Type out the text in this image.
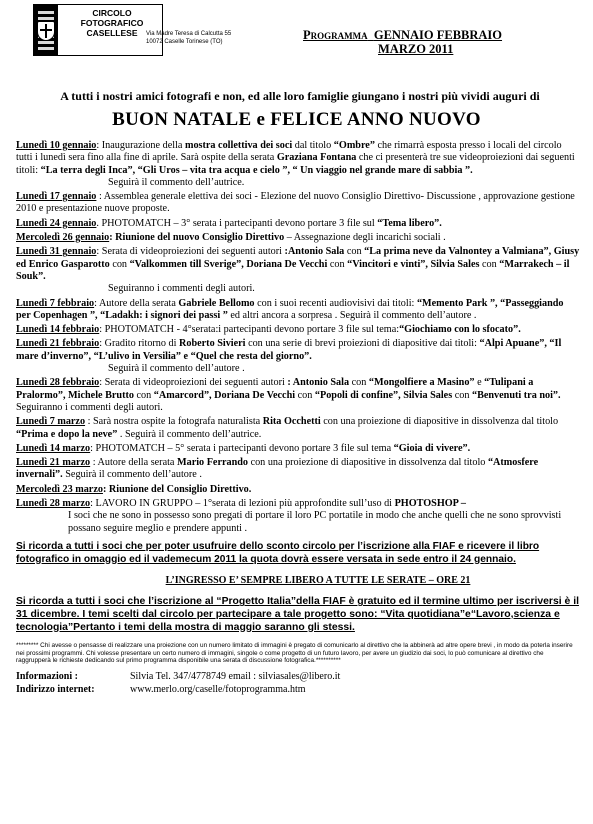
CIRCOLO
FOTOGRAFICO
CASELLESE	Via Madre Teresa di Calcutta 55
10072 Caselle Torinese (TO)	Programma GENNAIO FEBBRAIO
MARZO 2011
A tutti i nostri amici fotografi e non, ed alle loro famiglie giungano i nostri più vividi auguri di
BUON NATALE e FELICE ANNO NUOVO
Lunedì 10 gennaio: Inaugurazione della mostra collettiva dei soci dal titolo “Ombre” che rimarrà esposta presso i locali del circolo tutti i lunedì sera fino alla fine di aprile. Sarà ospite della serata Graziana Fontana che ci presenterà tre sue videoproiezioni dai seguenti titoli: “La terra degli Inca”, “Gli Uros – vita tra acqua e cielo ”, “ Un viaggio nel grande mare di sabbia ”.
Seguirà il commento dell’autrice.
Lunedì 17 gennaio : Assemblea generale elettiva dei soci - Elezione del nuovo Consiglio Direttivo- Discussione , approvazione gestione 2010 e presentazione nuove proposte.
Lunedì 24 gennaio. PHOTOMATCH – 3° serata i partecipanti devono portare 3 file sul “Tema libero”.
Mercoledì 26 gennaio: Riunione del nuovo Consiglio Direttivo – Assegnazione degli incarichi sociali .
Lunedì 31 gennaio: Serata di videoproiezioni dei seguenti autori :Antonio Sala con “La prima neve da Valnontey a Valmiana”, Giusy ed Enrico Gasparotto con “Valkommen till Sverige”, Doriana De Vecchi con “Vincitori e vinti”, Silvia Sales con “Marrakech – il Souk”.
Seguiranno i commenti degli autori.
Lunedì 7 febbraio: Autore della serata Gabriele Bellomo con i suoi recenti audiovisivi dai titoli: “Memento Park ”, “Passeggiando per Copenhagen ”, “Ladakh: i signori dei passi ” ed altri ancora a sorpresa . Seguirà il commento dell’autore .
Lunedì 14 febbraio: PHOTOMATCH - 4°serata:i partecipanti devono portare 3 file sul tema:“Giochiamo con lo sfocato”.
Lunedì 21 febbraio: Gradito ritorno di Roberto Sivieri con una serie di brevi proiezioni di diapositive dai titoli: “Alpi Apuane”, “Il mare d’inverno”, “L’ulivo in Versilia” e “Quel che resta del giorno”.
Seguirà il commento dell’autore .
Lunedì 28 febbraio: Serata di videoproiezioni dei seguenti autori : Antonio Sala con “Mongolfiere a Masino” e “Tulipani a Pralormo”, Michele Brutto con “Amarcord”, Doriana De Vecchi con “Popoli di confine”, Silvia Sales con “Benvenuti tra noi”. Seguiranno i commenti degli autori.
Lunedì 7 marzo : Sarà nostra ospite la fotografa naturalista Rita Occhetti con una proiezione di diapositive in dissolvenza dal titolo “Prima e dopo la neve” . Seguirà il commento dell’autrice.
Lunedì 14 marzo: PHOTOMATCH – 5° serata i partecipanti devono portare 3 file sul tema “Gioia di vivere”.
Lunedì 21 marzo : Autore della serata Mario Ferrando con una proiezione di diapositive in dissolvenza dal titolo “Atmosfere invernali”. Seguirà il commento dell’autore .
Mercoledì 23 marzo: Riunione del Consiglio Direttivo.
Lunedì 28 marzo: LAVORO IN GRUPPO – 1°serata di lezioni più approfondite sull’uso di PHOTOSHOP –
I soci che ne sono in possesso sono pregati di portare il loro PC portatile in modo che anche quelli che ne sono sprovvisti possano seguire meglio e prendere appunti .
Si ricorda a tutti i soci che per poter usufruire dello sconto circolo per l’iscrizione alla FIAF e ricevere il libro fotografico in omaggio ed il vademecum 2011 la quota dovrà essere versata in sede entro il 24 gennaio.
L’INGRESSO E’ SEMPRE LIBERO A TUTTE LE SERATE – ORE 21
Si ricorda a tutti i soci che l’iscrizione al “Progetto Italia”della FIAF è gratuito ed il termine ultimo per iscriversi è il 31 dicembre. I temi scelti dal circolo per partecipare a tale progetto sono: “Vita quotidiana”e“Lavoro,scienza e tecnologia”Pertanto i temi della mostra di maggio saranno gli stessi.
********* Chi avesse o pensasse di realizzare una proiezione con un numero limitato di immagini è pregato di comunicarlo al direttivo che la abbinerà ad altre opere brevi , in modo da poterla inserire nei prossimi programmi. Chi volesse presentare un certo numero di immagini, singole o come progetto di un futuro lavoro, per avere un giudizio dai soci, lo può comunicare al direttivo che raggrupperà le richieste dedicando sul primo programma disponibile una serata di discussione fotografica.**********
Informazioni :	Silvia Tel. 347/4778749 email : silviasales@libero.it
Indirizzo internet:	www.merlo.org/caselle/fotoprogramma.htm
